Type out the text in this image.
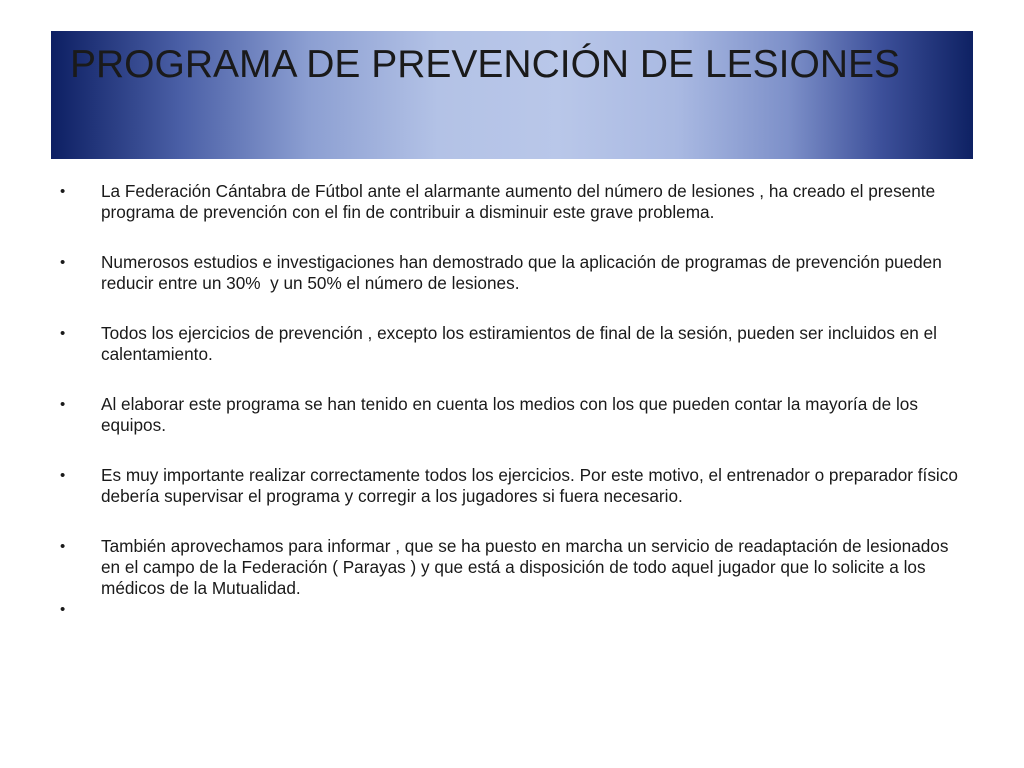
PROGRAMA DE PREVENCIÓN DE LESIONES
•	La Federación Cántabra de Fútbol ante el alarmante aumento del número de lesiones , ha creado el presente programa de prevención con el fin de contribuir a disminuir este grave problema.
•	Numerosos estudios e investigaciones han demostrado que la aplicación de programas de prevención pueden reducir entre un 30%  y un 50% el número de lesiones.
•	Todos los ejercicios de prevención , excepto los estiramientos de final de la sesión, pueden ser incluidos en el calentamiento.
•	Al elaborar este programa se han tenido en cuenta los medios con los que pueden contar la mayoría de los equipos.
•	Es muy importante realizar correctamente todos los ejercicios. Por este motivo, el entrenador o preparador físico debería supervisar el programa y corregir a los jugadores si fuera necesario.
•	También aprovechamos para informar , que se ha puesto en marcha un servicio de readaptación de lesionados en el campo de la Federación ( Parayas ) y que está a disposición de todo aquel jugador que lo solicite a los médicos de la Mutualidad.
•
